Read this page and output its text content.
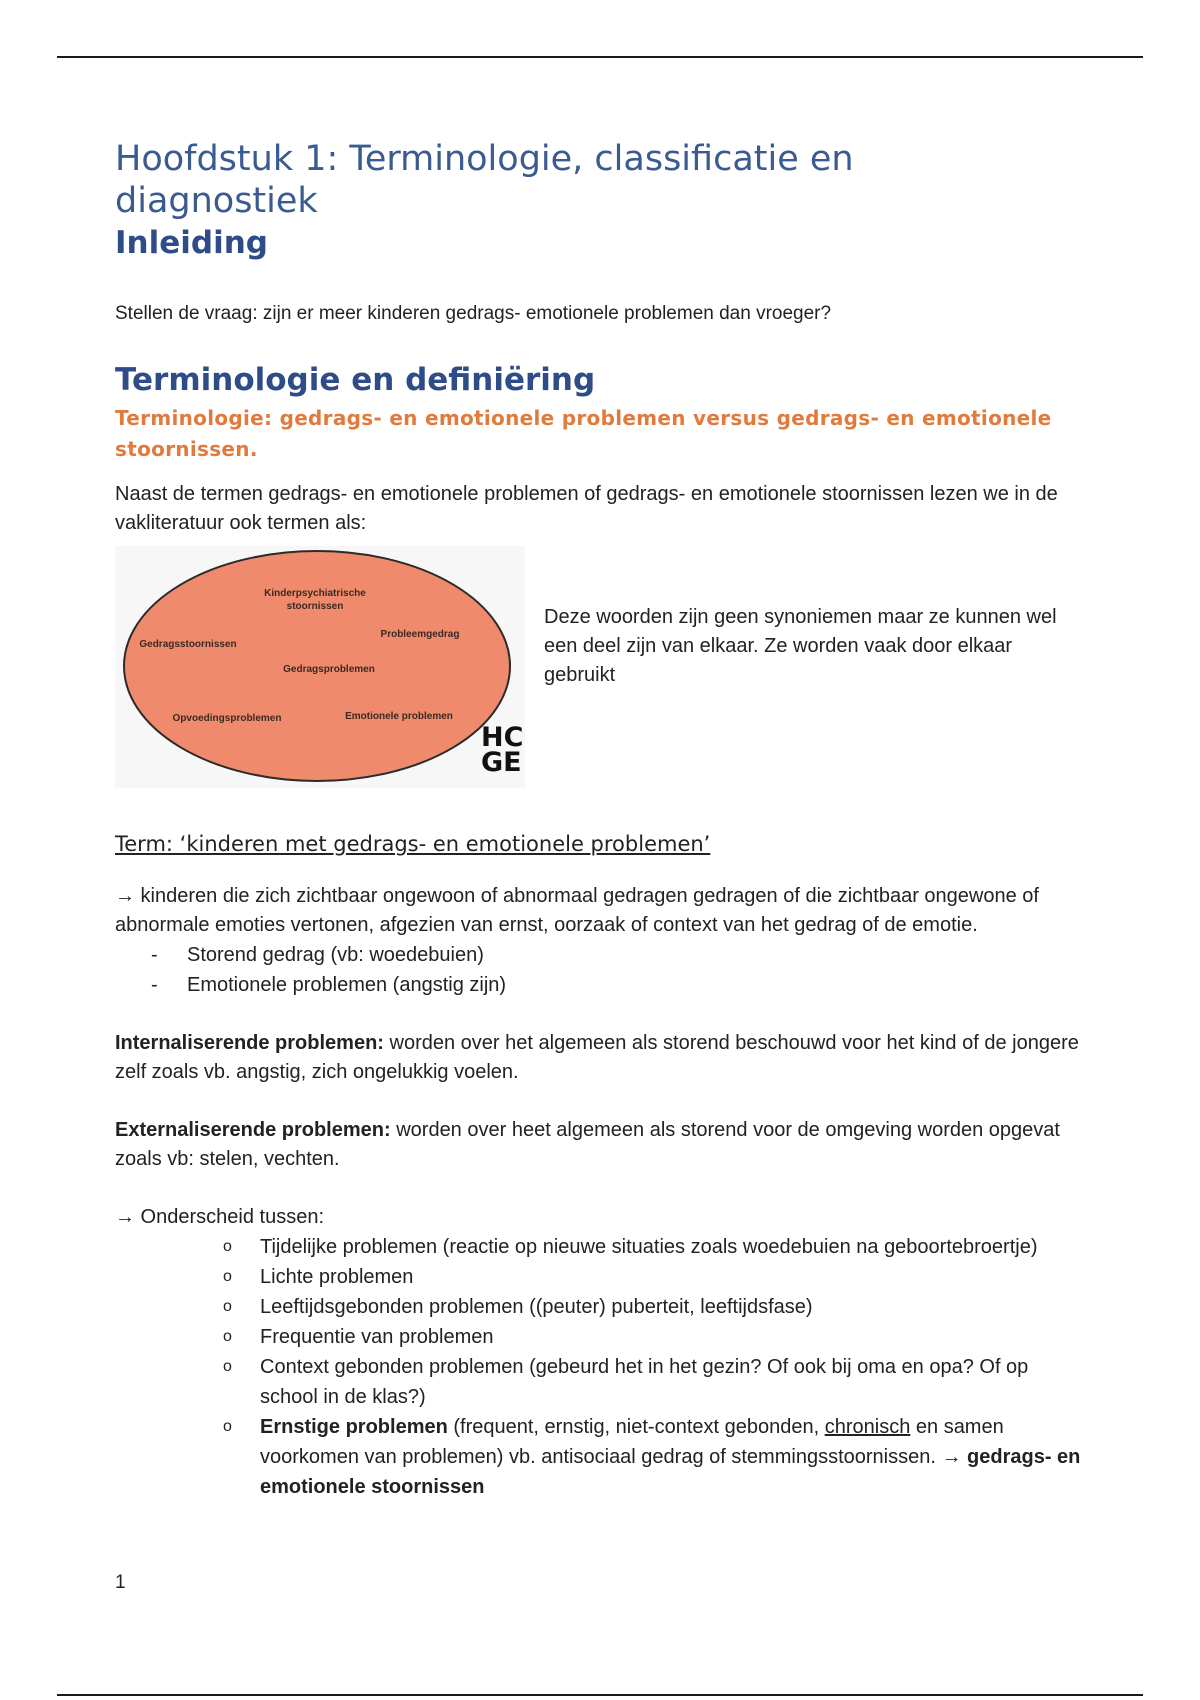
Hoofdstuk 1: Terminologie, classificatie en
diagnostiek
Inleiding
Stellen de vraag: zijn er meer kinderen gedrags- emotionele problemen dan vroeger?
Terminologie en definiëring
Terminologie: gedrags- en emotionele problemen versus gedrags- en emotionele stoornissen.
Naast de termen gedrags- en emotionele problemen of gedrags- en emotionele stoornissen lezen we in de vakliteratuur ook termen als:
Kinderpsychiatrische
stoornissen
Probleemgedrag
Gedragsstoornissen
Gedragsproblemen
Opvoedingsproblemen	Emotionele problemen
HC
GE
Deze woorden zijn geen synoniemen maar ze kunnen wel een deel zijn van elkaar. Ze worden vaak door elkaar gebruikt
Term: ‘kinderen met gedrags- en emotionele problemen’
→ kinderen die zich zichtbaar ongewoon of abnormaal gedragen gedragen of die zichtbaar ongewone of abnormale emoties vertonen, afgezien van ernst, oorzaak of context van het gedrag of de emotie.
- Storend gedrag (vb: woedebuien)
- Emotionele problemen (angstig zijn)
Internaliserende problemen: worden over het algemeen als storend beschouwd voor het kind of de jongere zelf zoals vb. angstig, zich ongelukkig voelen.
Externaliserende problemen: worden over heet algemeen als storend voor de omgeving worden opgevat zoals vb: stelen, vechten.
→ Onderscheid tussen:
o Tijdelijke problemen (reactie op nieuwe situaties zoals woedebuien na geboortebroertje)
o Lichte problemen
o Leeftijdsgebonden problemen ((peuter) puberteit, leeftijdsfase)
o Frequentie van problemen
o Context gebonden problemen (gebeurd het in het gezin? Of ook bij oma en opa? Of op school in de klas?)
o Ernstige problemen (frequent, ernstig, niet-context gebonden, chronisch en samen voorkomen van problemen) vb. antisociaal gedrag of stemmingsstoornissen. → gedrags- en emotionele stoornissen
1
